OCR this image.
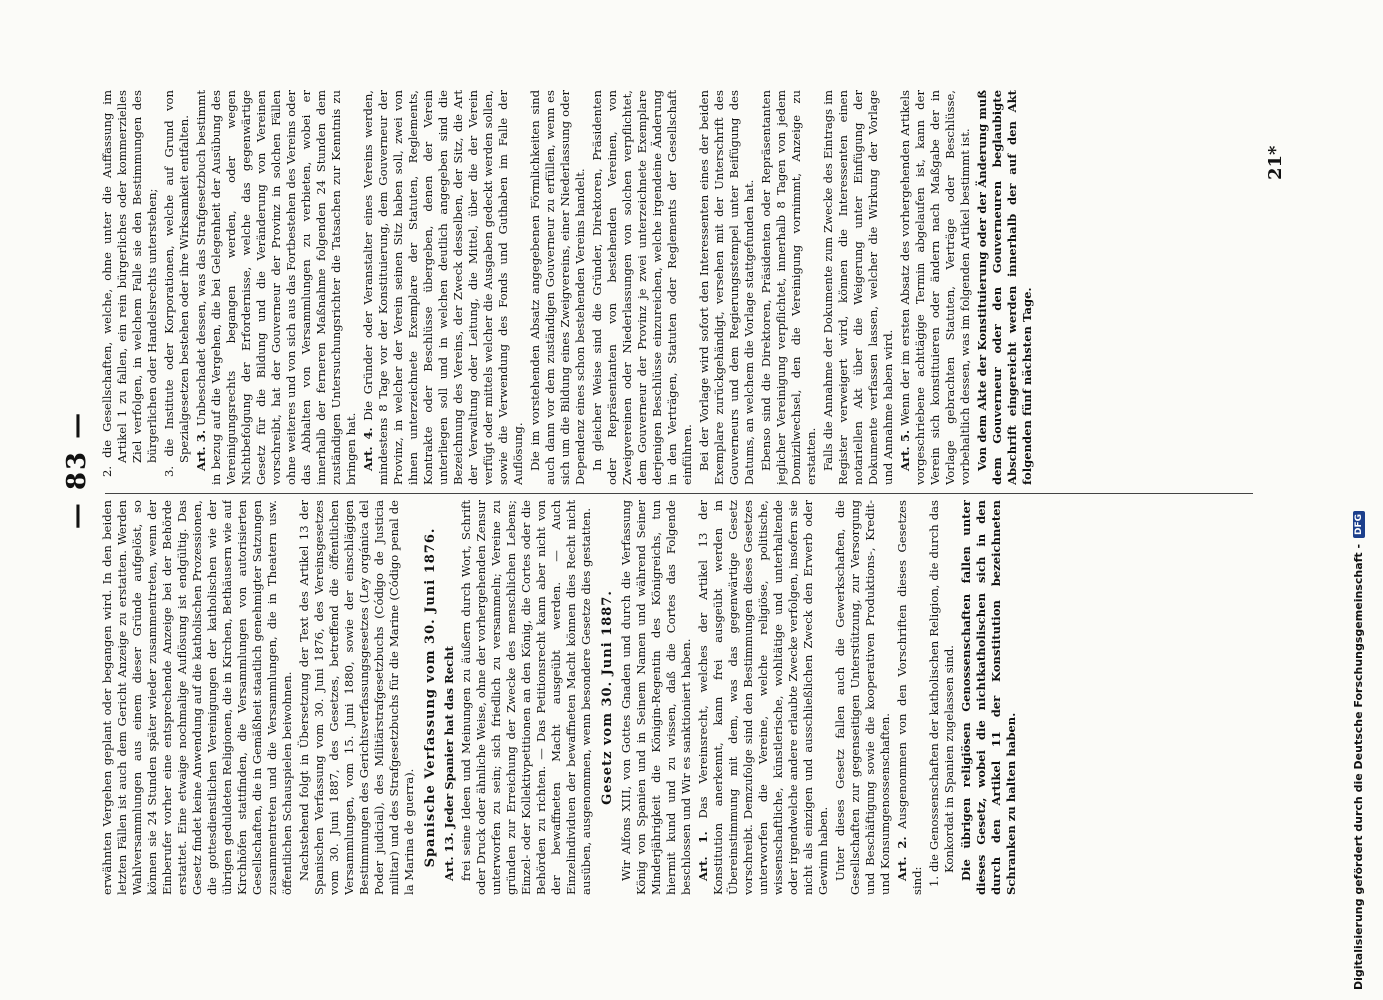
— 83 —

erwähnten Vergehen geplant oder begangen wird. In den beiden letzten Fällen ist auch dem Gericht Anzeige zu erstatten. Werden Wahlversammlungen aus einem dieser Gründe aufgelöst, so können sie 24 Stunden später wieder zusammentreten, wenn der Einberufer vorher eine entsprechende Anzeige bei der Behörde erstattet. Eine etwaige nochmalige Auflösung ist endgültig. Das Gesetz findet keine Anwendung auf die katholischen Prozessionen, die gottesdienstlichen Vereinigungen der katholischen wie der übrigen geduldeten Religionen, die in Kirchen, Bethäusern wie auf Kirchhöfen stattfinden, die Versammlungen von autorisierten Gesellschaften, die in Gemäßheit staatlich genehmigter Satzungen zusammentreten und die Versammlungen, die in Theatern usw. öffentlichen Schauspielen beiwohnen. Nachstehend folgt in Übersetzung der Text des Artikel 13 der Spanischen Verfassung vom 30. Juni 1876, des Vereinsgesetzes vom 30. Juni 1887, des Gesetzes, betreffend die öffentlichen Versammlungen, vom 15. Juni 1880, sowie der einschlägigen Bestimmungen des Gerichtsverfassungsgesetzes (Ley orgánica del Poder judicial), des Militärstrafgesetzbuchs (Código de Justicia militar) und des Strafgesetzbuchs für die Marine (Código penal de la Marina de guerra). Spanische Verfassung vom 30. Juni 1876. Art. 13. Jeder Spanier hat das Recht frei seine Ideen und Meinungen zu äußern durch Wort, Schrift oder Druck oder ähnliche Weise, ohne der vorhergehenden Zensur unterworfen zu sein; sich friedlich zu versammeln; Vereine zu gründen zur Erreichung der Zwecke des menschlichen Lebens; Einzel- oder Kollektivpetitionen an den König, die Cortes oder die Behörden zu richten. — Das Petitionsrecht kann aber nicht von der bewaffneten Macht ausgeübt werden. — Auch Einzelindividuen der bewaffneten Macht können dies Recht nicht ausüben, ausgenommen, wenn besondere Gesetze dies gestatten. Gesetz vom 30. Juni 1887. Wir Alfons XIII, von Gottes Gnaden und durch die Verfassung König von Spanien und in Seinem Namen und während Seiner Minderjährigkeit die Königin-Regentin des Königreichs, tun hiermit kund und zu wissen, daß die Cortes das Folgende beschlossen und Wir es sanktioniert haben. Art. 1. Das Vereinsrecht, welches der Artikel 13 der Konstitution anerkennt, kann frei ausgeübt werden in Übereinstimmung mit dem, was das gegenwärtige Gesetz vorschreibt. Demzufolge sind den Bestimmungen dieses Gesetzes unterworfen die Vereine, welche religiöse, politische, wissenschaftliche, künstlerische, wohltätige und unterhaltende oder irgendwelche andere erlaubte Zwecke verfolgen, insofern sie nicht als einzigen und ausschließlichen Zweck den Erwerb oder Gewinn haben. Unter dieses Gesetz fallen auch die Gewerkschaften, die Gesellschaften zur gegenseitigen Unterstützung, zur Versorgung und Beschäftigung sowie die kooperativen Produktions-, Kredit- und Konsumgenossenschaften. Art. 2. Ausgenommen von den Vorschriften dieses Gesetzes sind: 1. die Genossenschaften der katholischen Religion, die durch das Konkordat in Spanien zugelassen sind. Die übrigen religiösen Genossenschaften fallen unter dieses Gesetz, wobei die nichtkatholischen sich in den durch den Artikel 11 der Konstitution bezeichneten Schranken zu halten haben.

2. die Gesellschaften, welche, ohne unter die Auffassung im Artikel 1 zu fallen, ein rein bürgerliches oder kommerzielles Ziel verfolgen, in welchem Falle sie den Bestimmungen des bürgerlichen oder Handelsrechts unterstehen; 3. die Institute oder Korporationen, welche auf Grund von Spezialgesetzen bestehen oder ihre Wirksamkeit entfalten. Art. 3. Unbeschadet dessen, was das Strafgesetzbuch bestimmt in bezug auf die Vergehen, die bei Gelegenheit der Ausübung des Vereinigungsrechts begangen werden, oder wegen Nichtbefolgung der Erfordernisse, welche das gegenwärtige Gesetz für die Bildung und die Veränderung von Vereinen vorschreibt, hat der Gouverneur der Provinz in solchen Fällen ohne weiteres und von sich aus das Fortbestehen des Vereins oder das Abhalten von Versammlungen zu verbieten, wobei er innerhalb der ferneren Maßnahme folgenden 24 Stunden dem zuständigen Untersuchungsrichter die Tatsachen zur Kenntnis zu bringen hat. Art. 4. Die Gründer oder Veranstalter eines Vereins werden, mindestens 8 Tage vor der Konstituierung, dem Gouverneur der Provinz, in welcher der Verein seinen Sitz haben soll, zwei von ihnen unterzeichnete Exemplare der Statuten, Reglements, Kontrakte oder Beschlüsse übergeben, denen der Verein unterliegen soll und in welchen deutlich angegeben sind die Bezeichnung des Vereins, der Zweck desselben, der Sitz, die Art der Verwaltung oder Leitung, die Mittel, über die der Verein verfügt oder mittels welcher die Ausgaben gedeckt werden sollen, sowie die Verwendung des Fonds und Guthaben im Falle der Auflösung. Die im vorstehenden Absatz angegebenen Förmlichkeiten sind auch dann vor dem zuständigen Gouverneur zu erfüllen, wenn es sich um die Bildung eines Zweigvereins, einer Niederlassung oder Dependenz eines schon bestehenden Vereins handelt. In gleicher Weise sind die Gründer, Direktoren, Präsidenten oder Repräsentanten von bestehenden Vereinen, von Zweigvereinen oder Niederlassungen von solchen verpflichtet, dem Gouverneur der Provinz je zwei unterzeichnete Exemplare derjenigen Beschlüsse einzureichen, welche irgendeine Änderung in den Verträgen, Statuten oder Reglements der Gesellschaft einführen. Bei der Vorlage wird sofort den Interessenten eines der beiden Exemplare zurückgehändigt, versehen mit der Unterschrift des Gouverneurs und dem Regierungsstempel unter Beifügung des Datums, an welchem die Vorlage stattgefunden hat. Ebenso sind die Direktoren, Präsidenten oder Repräsentanten jeglicher Vereinigung verpflichtet, innerhalb 8 Tagen von jedem Domizilwechsel, den die Vereinigung vornimmt, Anzeige zu erstatten. Falls die Annahme der Dokumente zum Zwecke des Eintrags im Register verweigert wird, können die Interessenten einen notariellen Akt über die Weigerung unter Einfügung der Dokumente verfassen lassen, welcher die Wirkung der Vorlage und Annahme haben wird. Art. 5. Wenn der im ersten Absatz des vorhergehenden Artikels vorgeschriebene achttägige Termin abgelaufen ist, kann der Verein sich konstituieren oder ändern nach Maßgabe der in Vorlage gebrachten Statuten, Verträge oder Beschlüsse, vorbehaltlich dessen, was im folgenden Artikel bestimmt ist. Von dem Akte der Konstituierung oder der Änderung muß dem Gouverneur oder den Gouverneuren beglaubigte Abschrift eingereicht werden innerhalb der auf den Akt folgenden fünf nächsten Tage.

21*
Digitalisierung gefördert durch die Deutsche Forschungsgemeinschaft -
DFG
